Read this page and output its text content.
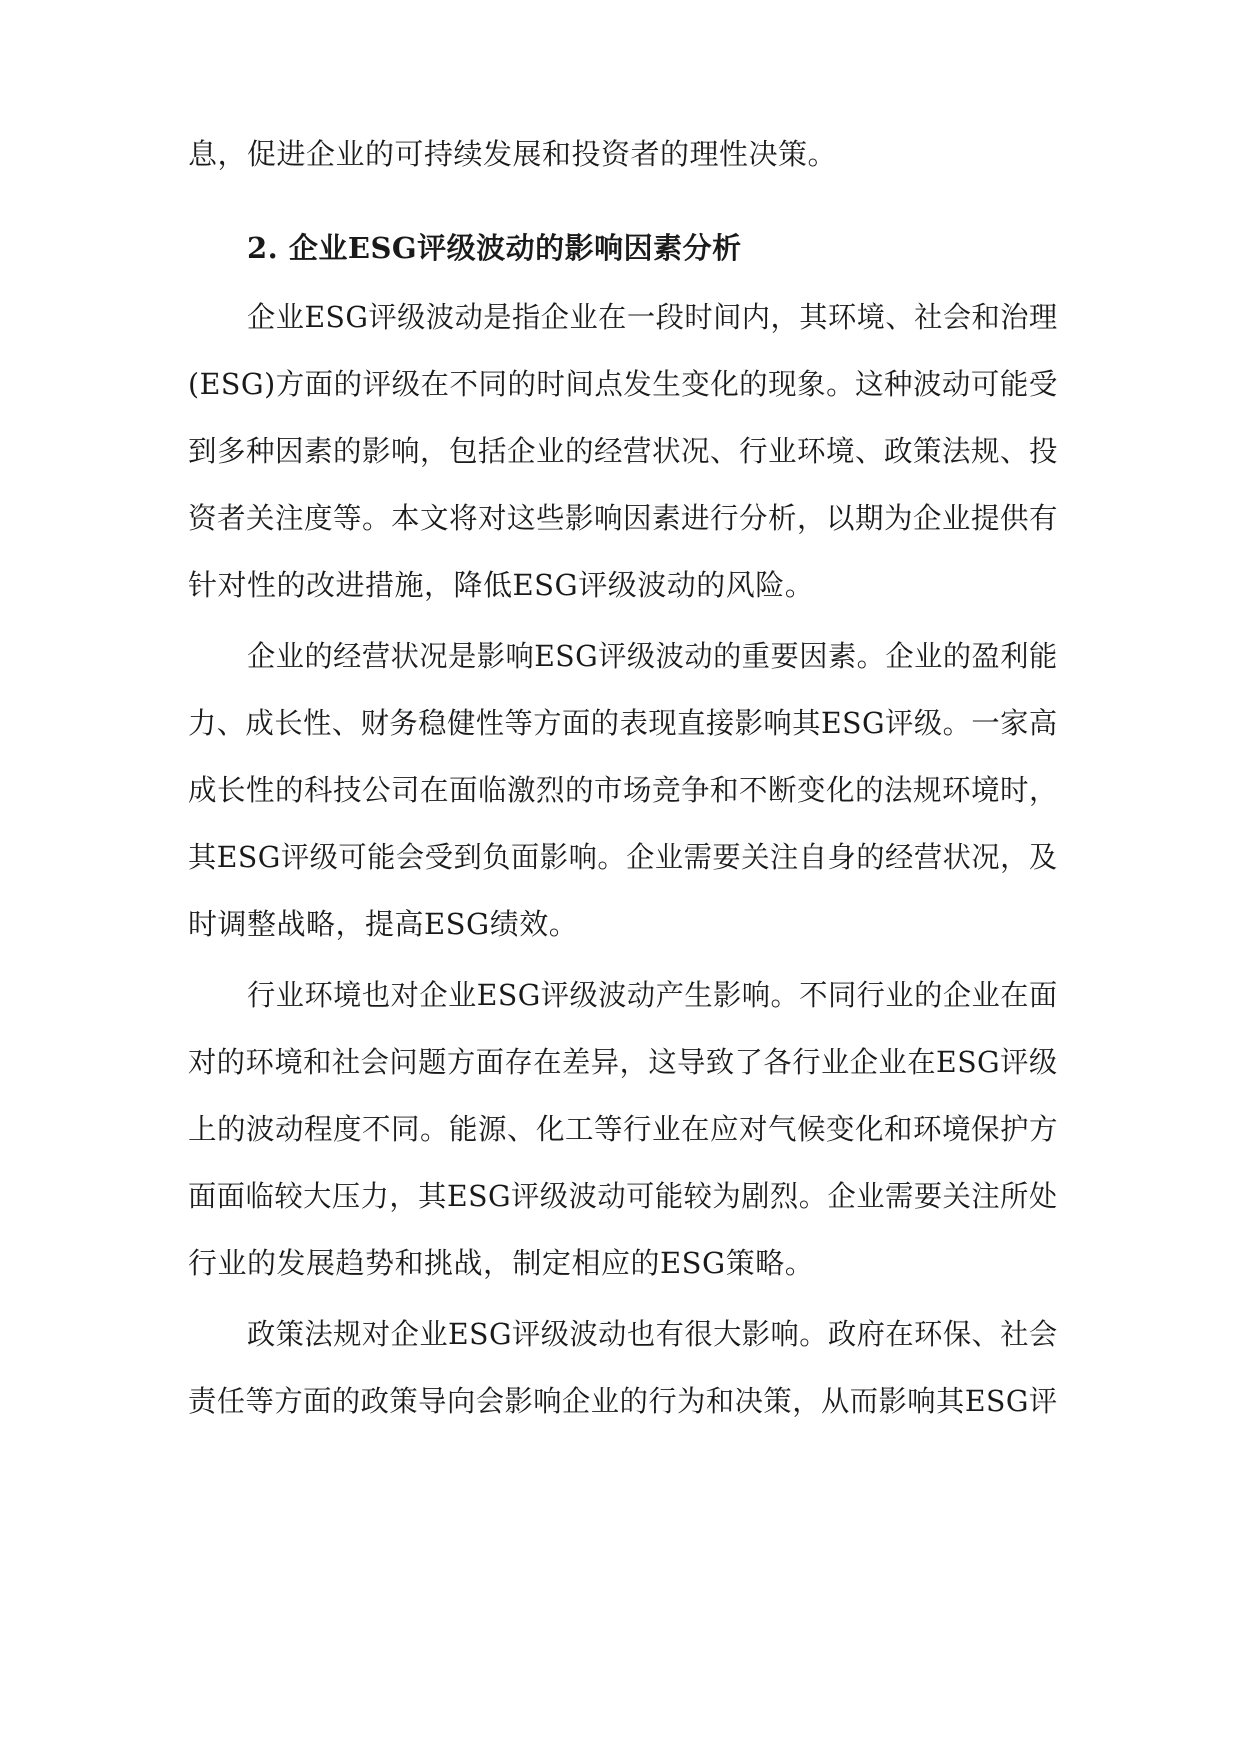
息，促进企业的可持续发展和投资者的理性决策。
2. 企业ESG评级波动的影响因素分析
企业ESG评级波动是指企业在一段时间内，其环境、社会和治理
(ESG)方面的评级在不同的时间点发生变化的现象。这种波动可能受
到多种因素的影响，包括企业的经营状况、行业环境、政策法规、投
资者关注度等。本文将对这些影响因素进行分析，以期为企业提供有
针对性的改进措施，降低ESG评级波动的风险。
企业的经营状况是影响ESG评级波动的重要因素。企业的盈利能
力、成长性、财务稳健性等方面的表现直接影响其ESG评级。一家高
成长性的科技公司在面临激烈的市场竞争和不断变化的法规环境时，
其ESG评级可能会受到负面影响。企业需要关注自身的经营状况，及
时调整战略，提高ESG绩效。
行业环境也对企业ESG评级波动产生影响。不同行业的企业在面
对的环境和社会问题方面存在差异，这导致了各行业企业在ESG评级
上的波动程度不同。能源、化工等行业在应对气候变化和环境保护方
面面临较大压力，其ESG评级波动可能较为剧烈。企业需要关注所处
行业的发展趋势和挑战，制定相应的ESG策略。
政策法规对企业ESG评级波动也有很大影响。政府在环保、社会
责任等方面的政策导向会影响企业的行为和决策，从而影响其ESG评
